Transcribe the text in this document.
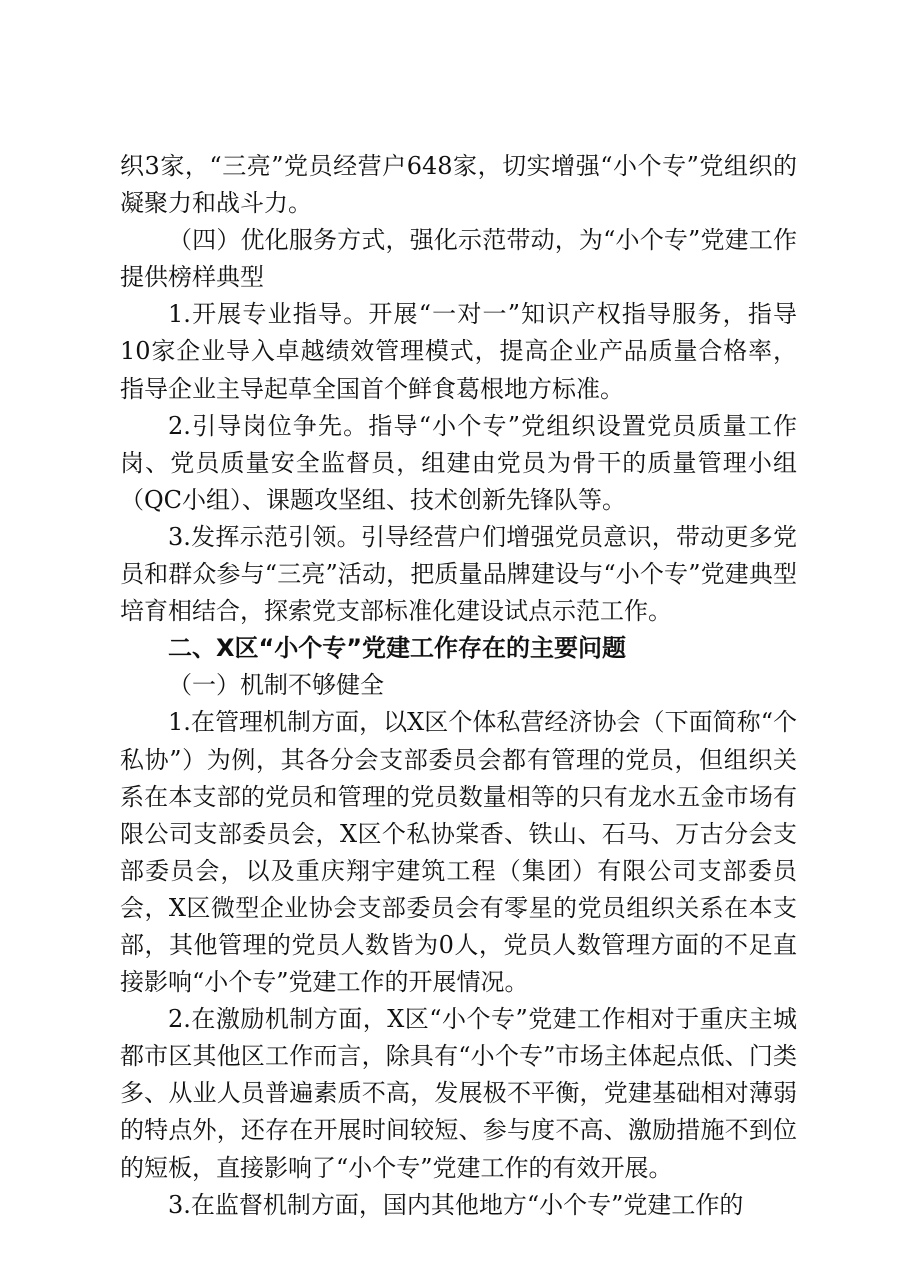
织3家，“三亮”党员经营户648家，切实增强“小个专”党组织的凝聚力和战斗力。

（四）优化服务方式，强化示范带动，为“小个专”党建工作提供榜样典型

1.开展专业指导。开展“一对一”知识产权指导服务，指导10家企业导入卓越绩效管理模式，提高企业产品质量合格率，指导企业主导起草全国首个鲜食葛根地方标准。

2.引导岗位争先。指导“小个专”党组织设置党员质量工作岗、党员质量安全监督员，组建由党员为骨干的质量管理小组（QC小组）、课题攻坚组、技术创新先锋队等。

3.发挥示范引领。引导经营户们增强党员意识，带动更多党员和群众参与“三亮”活动，把质量品牌建设与“小个专”党建典型培育相结合，探索党支部标准化建设试点示范工作。

二、X区“小个专”党建工作存在的主要问题

（一）机制不够健全

1.在管理机制方面，以X区个体私营经济协会（下面简称“个私协”）为例，其各分会支部委员会都有管理的党员，但组织关系在本支部的党员和管理的党员数量相等的只有龙水五金市场有限公司支部委员会，X区个私协棠香、铁山、石马、万古分会支部委员会，以及重庆翔宇建筑工程（集团）有限公司支部委员会，X区微型企业协会支部委员会有零星的党员组织关系在本支部，其他管理的党员人数皆为0人，党员人数管理方面的不足直接影响“小个专”党建工作的开展情况。

2.在激励机制方面，X区“小个专”党建工作相对于重庆主城都市区其他区工作而言，除具有“小个专”市场主体起点低、门类多、从业人员普遍素质不高，发展极不平衡，党建基础相对薄弱的特点外，还存在开展时间较短、参与度不高、激励措施不到位的短板，直接影响了“小个专”党建工作的有效开展。

3.在监督机制方面，国内其他地方“小个专”党建工作的
